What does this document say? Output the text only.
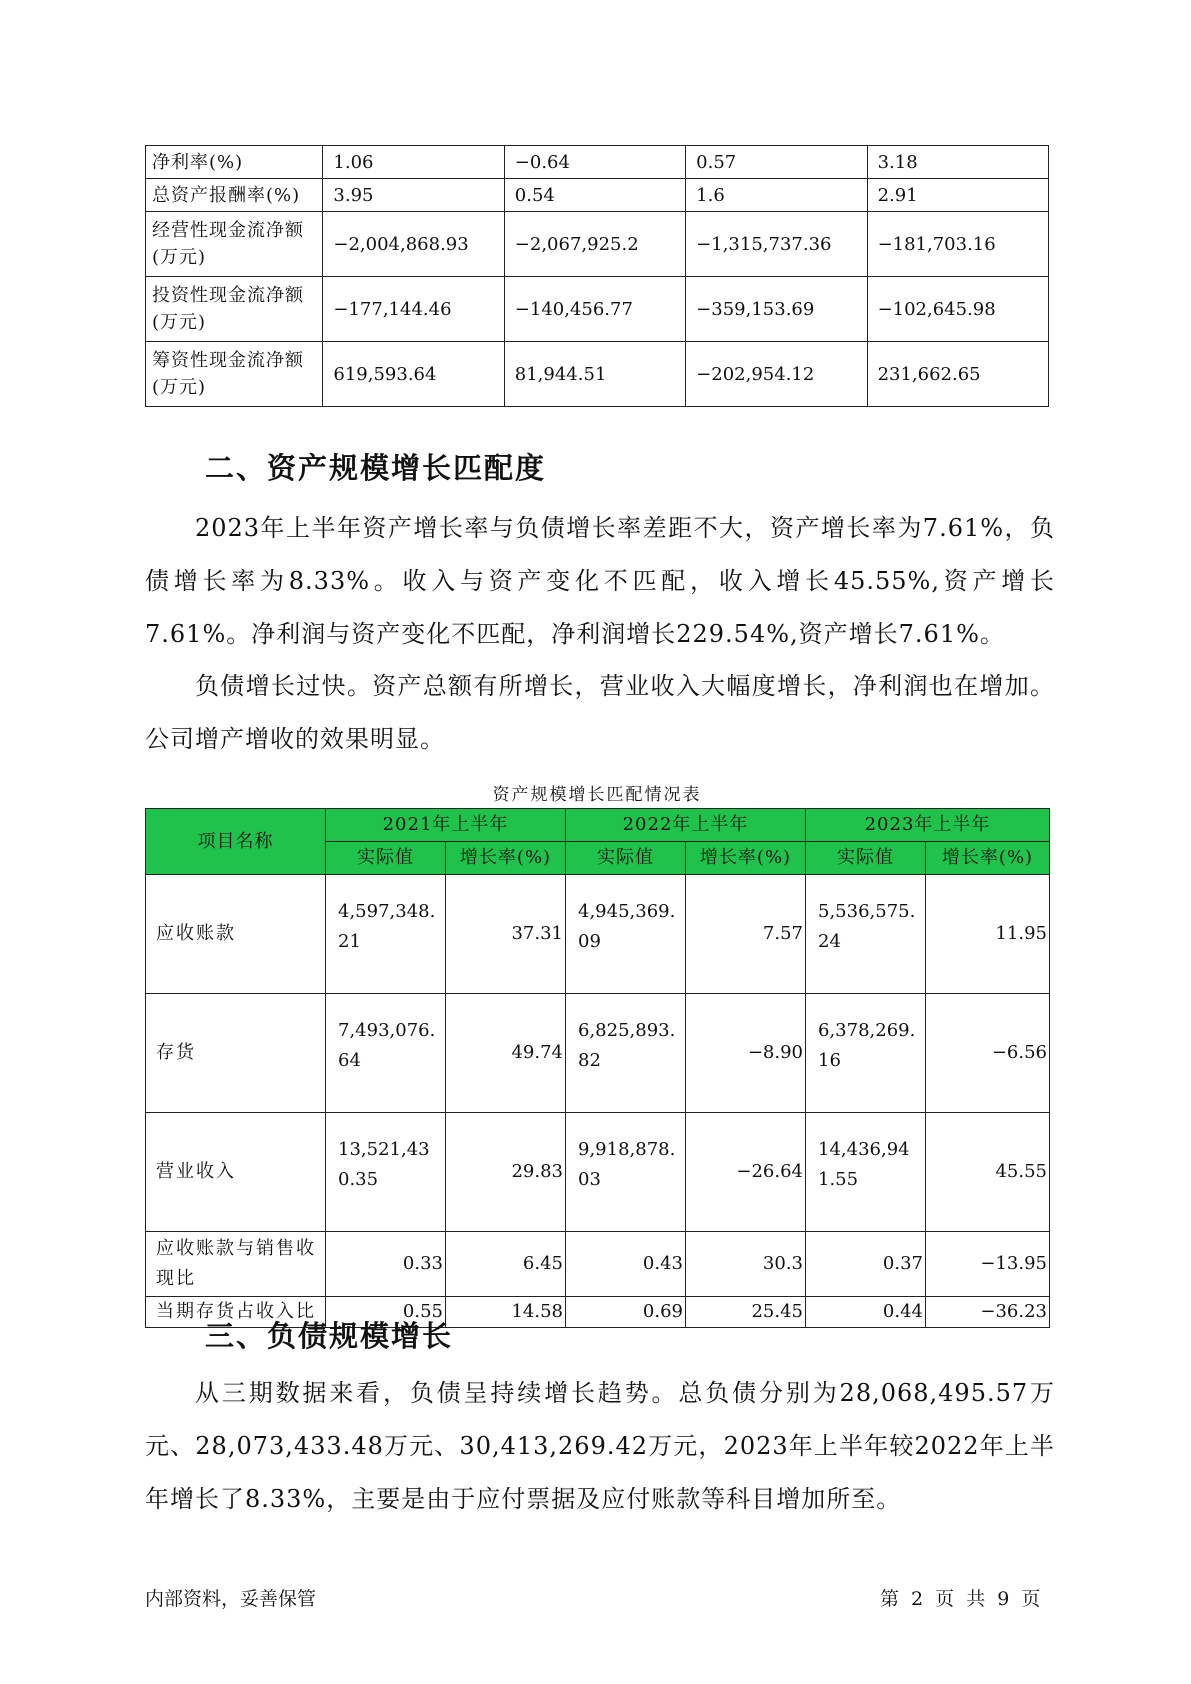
净利率(%)	1.06	−0.64	0.57	3.18
总资产报酬率(%)	3.95	0.54	1.6	2.91
经营性现金流净额(万元)	−2,004,868.93	−2,067,925.2	−1,315,737.36	−181,703.16
投资性现金流净额(万元)	−177,144.46	−140,456.77	−359,153.69	−102,645.98
筹资性现金流净额(万元)	619,593.64	81,944.51	−202,954.12	231,662.65
二、资产规模增长匹配度

2023年上半年资产增长率与负债增长率差距不大，资产增长率为7.61%，负债增长率为8.33%。收入与资产变化不匹配，收入增长45.55%,资产增长7.61%。净利润与资产变化不匹配，净利润增长229.54%,资产增长7.61%。

负债增长过快。资产总额有所增长，营业收入大幅度增长，净利润也在增加。公司增产增收的效果明显。

资产规模增长匹配情况表
项目名称	2021年上半年		2022年上半年		2023年上半年	
	实际值	增长率(%)	实际值	增长率(%)	实际值	增长率(%)
应收账款	4,597,348.21	37.31	4,945,369.09	7.57	5,536,575.24	11.95
存货	7,493,076.64	49.74	6,825,893.82	−8.90	6,378,269.16	−6.56
营业收入	13,521,430.35	29.83	9,918,878.03	−26.64	14,436,941.55	45.55
应收账款与销售收现比	0.33	6.45	0.43	30.3	0.37	−13.95
当期存货占收入比	0.55	14.58	0.69	25.45	0.44	−36.23
三、负债规模增长

从三期数据来看，负债呈持续增长趋势。总负债分别为28,068,495.57万元、28,073,433.48万元、30,413,269.42万元，2023年上半年较2022年上半年增长了8.33%，主要是由于应付票据及应付账款等科目增加所至。

内部资料，妥善保管	第 2 页 共 9 页
